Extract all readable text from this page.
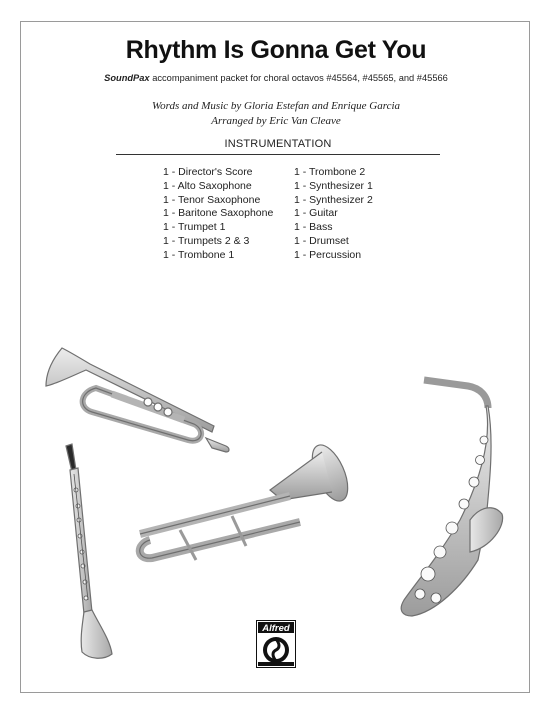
Rhythm Is Gonna Get You
SoundPax accompaniment packet for choral octavos #45564, #45565, and #45566
Words and Music by Gloria Estefan and Enrique Garcia
Arranged by Eric Van Cleave
INSTRUMENTATION
1 - Director's Score
1 - Alto Saxophone
1 - Tenor Saxophone
1 - Baritone Saxophone
1 - Trumpet 1
1 - Trumpets 2 & 3
1 - Trombone 1
1 - Trombone 2
1 - Synthesizer 1
1 - Synthesizer 2
1 - Guitar
1 - Bass
1 - Drumset
1 - Percussion
Alfred
